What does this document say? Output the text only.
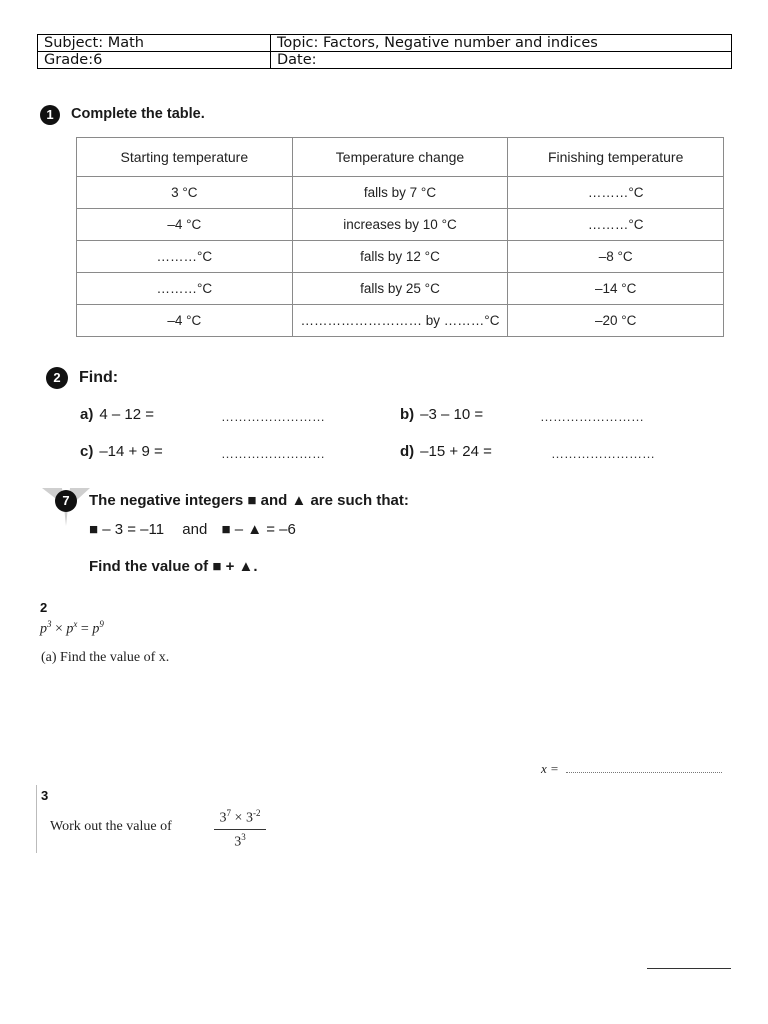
Subject: Math	Topic: Factors, Negative number and indices
Grade:6	Date:
1	Complete the table.
Starting temperature	Temperature change	Finishing temperature
3 °C	falls by 7 °C	………°C
–4 °C	increases by 10 °C	………°C
………°C	falls by 12 °C	–8 °C
………°C	falls by 25 °C	–14 °C
–4 °C	……………………… by ………°C	–20 °C
2	Find:
a) 4 – 12 =	……………………	b) –3 – 10 =	……………………
c) –14 + 9 =	……………………	d) –15 + 24 =	……………………
7	The negative integers ■ and ▲ are such that:
■ – 3 = –11 and ■ – ▲ = –6
Find the value of ■ + ▲.
2
$p^3 \times p^x = p^9$
(a) Find the value of x.
x =
3
Work out the value of	$\frac{3^7 \times 3^{-2}}{3^3}$
